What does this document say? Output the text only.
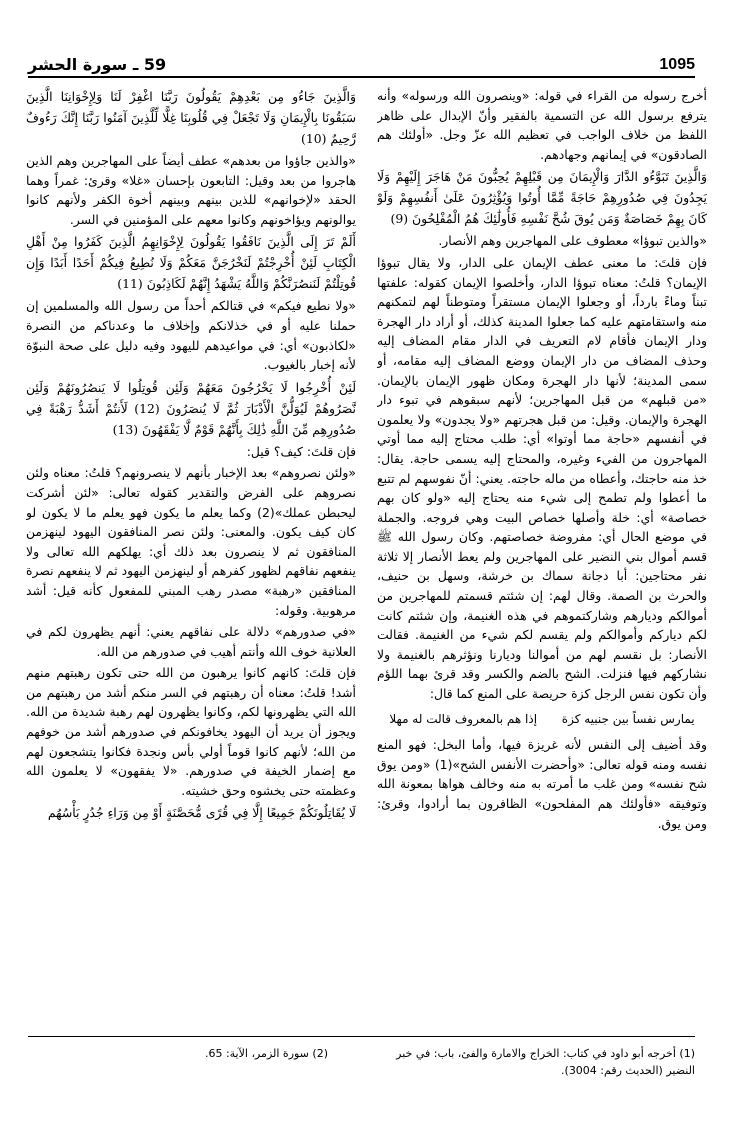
1095
59 ـ سورة الحشر

أخرج رسوله من القراء في قوله: «وينصرون الله ورسوله» وأنه يترفع برسول الله عن التسمية بالفقير وأنّ الإبدال على ظاهر اللفظ من خلاف الواجب في تعظيم الله عزّ وجل. «أولئك هم الصادقون» في إيمانهم وجهادهم.

وَالَّذِينَ تَبَوَّءُو الدَّارَ وَالْإِيمَانَ مِن قَبْلِهِمْ يُحِبُّونَ مَنْ هَاجَرَ إِلَيْهِمْ وَلَا يَجِدُونَ فِي صُدُورِهِمْ حَاجَةً مِّمَّا أُوتُوا وَيُؤْثِرُونَ عَلَىٰ أَنفُسِهِمْ وَلَوْ كَانَ بِهِمْ خَصَاصَةٌ وَمَن يُوقَ شُحَّ نَفْسِهِ فَأُولَٰئِكَ هُمُ الْمُفْلِحُونَ (9)

«والذين تبوؤا» معطوف على المهاجرين وهم الأنصار.

فإن قلتَ: ما معنى عطف الإيمان على الدار، ولا يقال تبوؤا الإيمان؟ قلتُ: معناه تبوؤا الدار، وأخلصوا الإيمان كقوله: علفتها تبناً وماءً بارداً، أو وجعلوا الإيمان مستقراً ومتوطناً لهم لتمكنهم منه واستقامتهم عليه كما جعلوا المدينة كذلك، أو أراد دار الهجرة ودار الإيمان فأقام لام التعريف في الدار مقام المضاف إليه وحذف المضاف من دار الإيمان ووضع المضاف إليه مقامه، أو سمى المدينة؛ لأنها دار الهجرة ومكان ظهور الإيمان بالإيمان. «من قبلهم» من قبل المهاجرين؛ لأنهم سبقوهم في تبوء دار الهجرة والإيمان. وقيل: من قبل هجرتهم «ولا يجدون» ولا يعلمون في أنفسهم «حاجة مما أوتوا» أي: طلب محتاج إليه مما أوتي المهاجرون من الفيء وغيره، والمحتاج إليه يسمى حاجة. يقال: خذ منه حاجتك، وأعطاه من ماله حاجته. يعني: أنّ نفوسهم لم تتبع ما أعطوا ولم تطمح إلى شيء منه يحتاج إليه «ولو كان بهم خصاصة» أي: خلة وأصلها خصاص البيت وهي فروجه. والجملة في موضع الحال أي: مفروضة خصاصتهم. وكان رسول الله ﷺ قسم أموال بني النضير على المهاجرين ولم يعط الأنصار إلا ثلاثة نفر محتاجين: أبا دجانة سماك بن خرشة، وسهل بن حنيف، والحرث بن الصمة. وقال لهم: إن شئتم قسمتم للمهاجرين من أموالكم وديارهم وشاركتموهم في هذه الغنيمة، وإن شئتم كانت لكم دياركم وأموالكم ولم يقسم لكم شيء من الغنيمة. فقالت الأنصار: بل نقسم لهم من أموالنا وديارنا ونؤثرهم بالغنيمة ولا نشاركهم فيها فنزلت. الشح بالضم والكسر وقد قرئ بهما اللؤم وأن تكون نفس الرجل كزة حريصة على المنع كما قال:

يمارس نفساً بين جنبيه كزة
إذا هم بالمعروف قالت له مهلا

وقد أضيف إلى النفس لأنه غريزة فيها، وأما البخل: فهو المنع نفسه ومنه قوله تعالى: «وأحضرت الأنفس الشح»(1) «ومن يوق شح نفسه» ومن غلب ما أمرته به منه وخالف هواها بمعونة الله وتوفيقه «فأولئك هم المفلحون» الظافرون بما أرادوا، وقرئ: ومن يوق.

وَالَّذِينَ جَاءُو مِن بَعْدِهِمْ يَقُولُونَ رَبَّنَا اغْفِرْ لَنَا وَلِإِخْوَانِنَا الَّذِينَ سَبَقُونَا بِالْإِيمَانِ وَلَا تَجْعَلْ فِي قُلُوبِنَا غِلًّا لِّلَّذِينَ آمَنُوا رَبَّنَا إِنَّكَ رَءُوفٌ رَّحِيمٌ (10)

«والذين جاؤوا من بعدهم» عطف أيضاً على المهاجرين وهم الذين هاجروا من بعد وقيل: التابعون بإحسان «غلا» وقرئ: غمراً وهما الحقد «لإخوانهم» للذين بينهم وبينهم أخوة الكفر ولأنهم كانوا يوالونهم ويؤاخونهم وكانوا معهم على المؤمنين في السر.

أَلَمْ تَرَ إِلَى الَّذِينَ نَافَقُوا يَقُولُونَ لِإِخْوَانِهِمُ الَّذِينَ كَفَرُوا مِنْ أَهْلِ الْكِتَابِ لَئِنْ أُخْرِجْتُمْ لَنَخْرُجَنَّ مَعَكُمْ وَلَا نُطِيعُ فِيكُمْ أَحَدًا أَبَدًا وَإِن قُوتِلْتُمْ لَنَنصُرَنَّكُمْ وَاللَّهُ يَشْهَدُ إِنَّهُمْ لَكَاذِبُونَ (11)

«ولا نطيع فيكم» في قتالكم أحداً من رسول الله والمسلمين إن حملنا عليه أو في خذلانكم وإخلاف ما وعدناكم من النصرة «لكاذبون» أي: في مواعيدهم لليهود وفيه دليل على صحة النبوّة لأنه إخبار بالغيوب.

لَئِنْ أُخْرِجُوا لَا يَخْرُجُونَ مَعَهُمْ وَلَئِن قُوتِلُوا لَا يَنصُرُونَهُمْ وَلَئِن نَّصَرُوهُمْ لَيُوَلُّنَّ الْأَدْبَارَ ثُمَّ لَا يُنصَرُونَ (12) لَأَنتُمْ أَشَدُّ رَهْبَةً فِي صُدُورِهِم مِّنَ اللَّهِ ذَٰلِكَ بِأَنَّهُمْ قَوْمٌ لَّا يَفْقَهُونَ (13)

فإن قلتَ: كيف؟ قيل:

«ولئن نصروهم» بعد الإخبار بأنهم لا ينصرونهم؟ قلتُ: معناه ولئن نصروهم على الفرض والتقدير كقوله تعالى: «لئن أشركت ليحبطن عملك»(2) وكما يعلم ما يكون فهو يعلم ما لا يكون لو كان كيف يكون. والمعنى: ولئن نصر المنافقون اليهود لينهزمن المنافقون ثم لا ينصرون بعد ذلك أي: يهلكهم الله تعالى ولا ينفعهم نفاقهم لظهور كفرهم أو لينهزمن اليهود ثم لا ينفعهم نصرة المنافقين «رهبة» مصدر رهب المبني للمفعول كأنه قيل: أشد مرهوبية. وقوله:

«في صدورهم» دلالة على نفاقهم يعني: أنهم يظهرون لكم في العلانية خوف الله وأنتم أهيب في صدورهم من الله.

فإن قلتَ: كانهم كانوا يرهبون من الله حتى تكون رهبتهم منهم أشد! قلتُ: معناه أن رهبتهم في السر منكم أشد من رهبتهم من الله التي يظهرونها لكم، وكانوا يظهرون لهم رهبة شديدة من الله. ويجوز أن يريد أن اليهود يخافونكم في صدورهم أشد من خوفهم من الله؛ لأنهم كانوا قوماً أولي بأس ونجدة فكانوا يتشجعون لهم مع إضمار الخيفة في صدورهم. «لا يفقهون» لا يعلمون الله وعظمته حتى يخشوه وحق خشيته.

لَا يُقَاتِلُونَكُمْ جَمِيعًا إِلَّا فِي قُرًى مُّحَصَّنَةٍ أَوْ مِن وَرَاءِ جُدُرٍ بَأْسُهُم

(1) أخرجه أبو داود في كتاب: الخراج والامارة والفئ، باب: في خبر النضير (الحديث رقم: 3004).
(2) سورة الزمر، الآية: 65.
